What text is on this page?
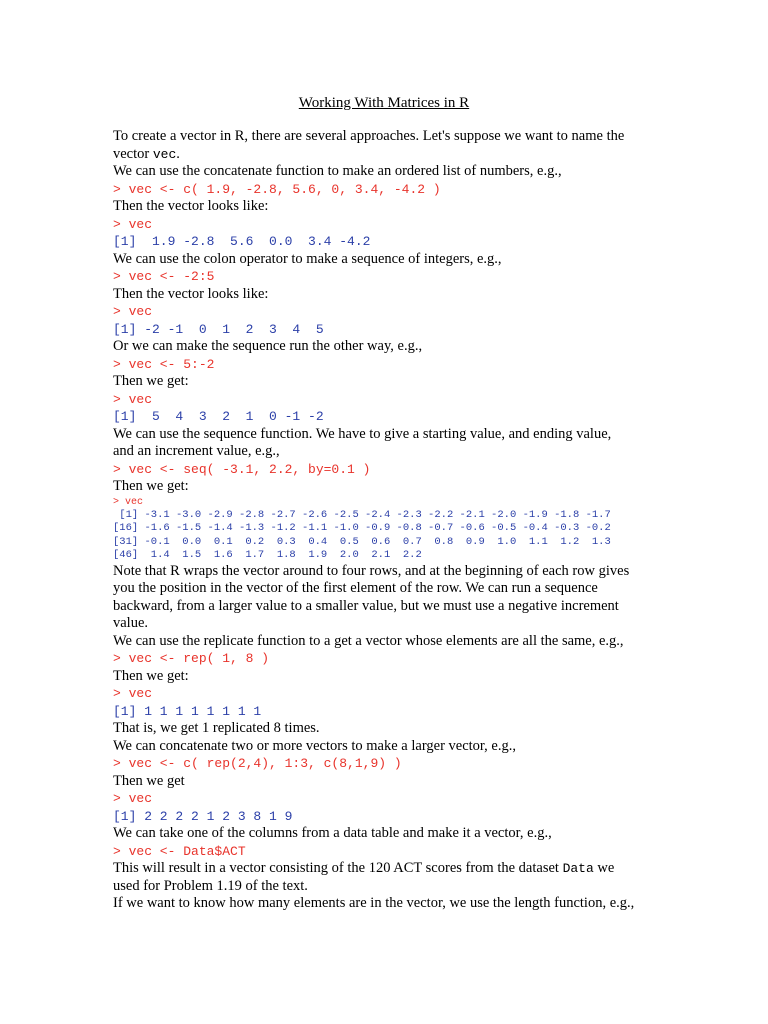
Working With Matrices in R

To create a vector in R, there are several approaches. Let's suppose we want to name the

vector vec.

We can use the concatenate function to make an ordered list of numbers, e.g.,

> vec <- c( 1.9, -2.8, 5.6, 0, 3.4, -4.2 )

Then the vector looks like:

> vec

[1]  1.9 -2.8  5.6  0.0  3.4 -4.2

We can use the colon operator to make a sequence of integers, e.g.,

> vec <- -2:5

Then the vector looks like:

> vec

[1] -2 -1  0  1  2  3  4  5

Or we can make the sequence run the other way, e.g.,

> vec <- 5:-2

Then we get:

> vec

[1]  5  4  3  2  1  0 -1 -2

We can use the sequence function. We have to give a starting value, and ending value,

and an increment value, e.g.,

> vec <- seq( -3.1, 2.2, by=0.1 )

Then we get:

> vec

[1] -3.1 -3.0 -2.9 -2.8 -2.7 -2.6 -2.5 -2.4 -2.3 -2.2 -2.1 -2.0 -1.9 -1.8 -1.7

[16] -1.6 -1.5 -1.4 -1.3 -1.2 -1.1 -1.0 -0.9 -0.8 -0.7 -0.6 -0.5 -0.4 -0.3 -0.2

[31] -0.1  0.0  0.1  0.2  0.3  0.4  0.5  0.6  0.7  0.8  0.9  1.0  1.1  1.2  1.3

[46]  1.4  1.5  1.6  1.7  1.8  1.9  2.0  2.1  2.2

Note that R wraps the vector around to four rows, and at the beginning of each row gives

you the position in the vector of the first element of the row. We can run a sequence

backward, from a larger value to a smaller value, but we must use a negative increment

value.

We can use the replicate function to a get a vector whose elements are all the same, e.g.,

> vec <- rep( 1, 8 )

Then we get:

> vec

[1] 1 1 1 1 1 1 1 1

That is, we get 1 replicated 8 times.

We can concatenate two or more vectors to make a larger vector, e.g.,

> vec <- c( rep(2,4), 1:3, c(8,1,9) )

Then we get

> vec

[1] 2 2 2 2 1 2 3 8 1 9

We can take one of the columns from a data table and make it a vector, e.g.,

> vec <- Data$ACT

This will result in a vector consisting of the 120 ACT scores from the dataset Data we

used for Problem 1.19 of the text.

If we want to know how many elements are in the vector, we use the length function, e.g.,
